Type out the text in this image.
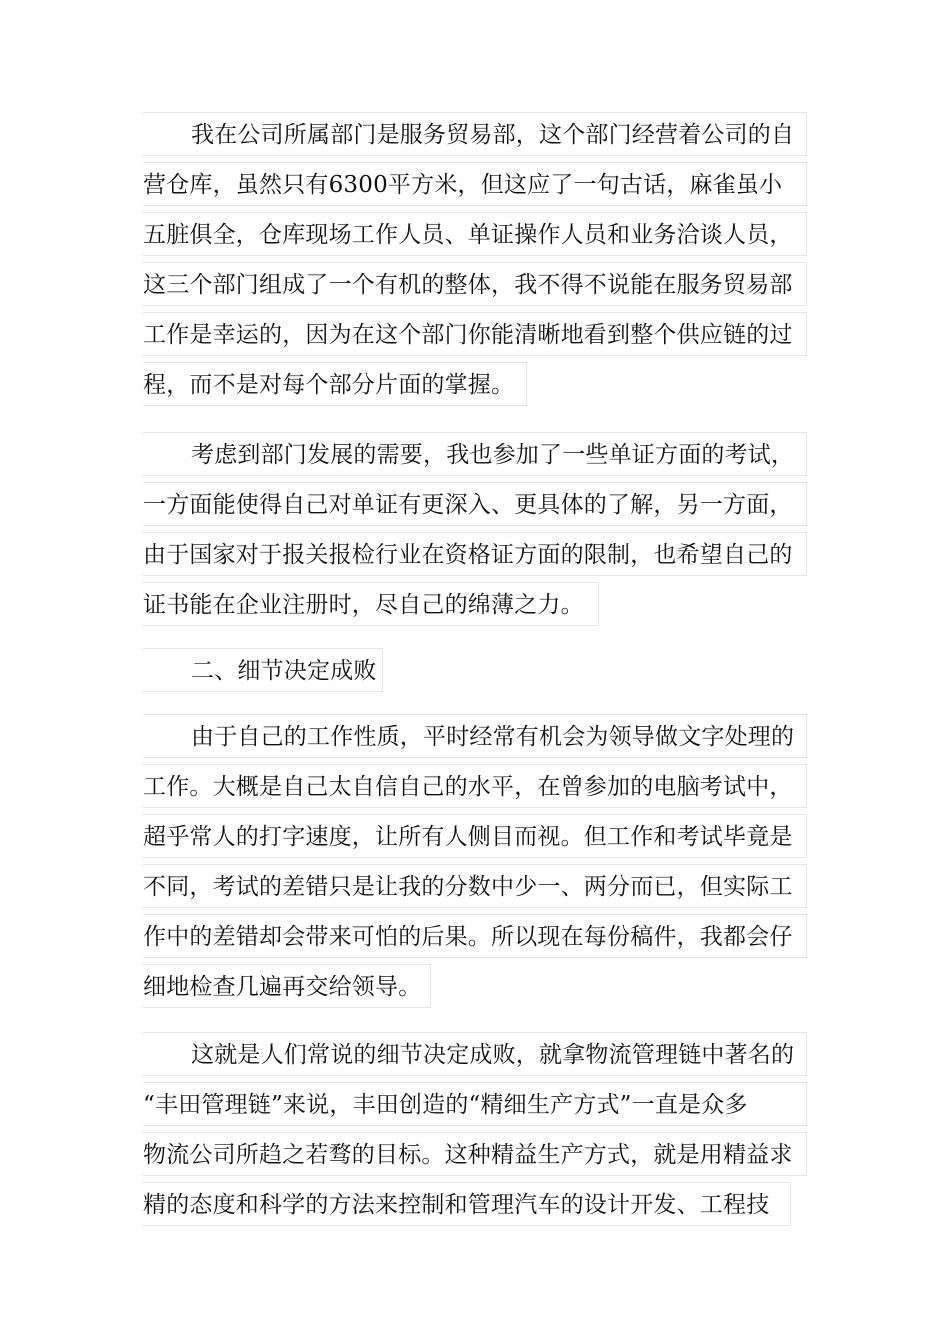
我在公司所属部门是服务贸易部，这个部门经营着公司的自
营仓库，虽然只有6300平方米，但这应了一句古话，麻雀虽小
五脏俱全，仓库现场工作人员、单证操作人员和业务洽谈人员，
这三个部门组成了一个有机的整体，我不得不说能在服务贸易部
工作是幸运的，因为在这个部门你能清晰地看到整个供应链的过
程，而不是对每个部分片面的掌握。
考虑到部门发展的需要，我也参加了一些单证方面的考试，
一方面能使得自己对单证有更深入、更具体的了解，另一方面，
由于国家对于报关报检行业在资格证方面的限制，也希望自己的
证书能在企业注册时，尽自己的绵薄之力。
二、细节决定成败
由于自己的工作性质，平时经常有机会为领导做文字处理的
工作。大概是自己太自信自己的水平，在曾参加的电脑考试中，
超乎常人的打字速度，让所有人侧目而视。但工作和考试毕竟是
不同，考试的差错只是让我的分数中少一、两分而已，但实际工
作中的差错却会带来可怕的后果。所以现在每份稿件，我都会仔
细地检查几遍再交给领导。
这就是人们常说的细节决定成败，就拿物流管理链中著名的
“丰田管理链”来说，丰田创造的“精细生产方式”一直是众多
物流公司所趋之若骛的目标。这种精益生产方式，就是用精益求
精的态度和科学的方法来控制和管理汽车的设计开发、工程技
